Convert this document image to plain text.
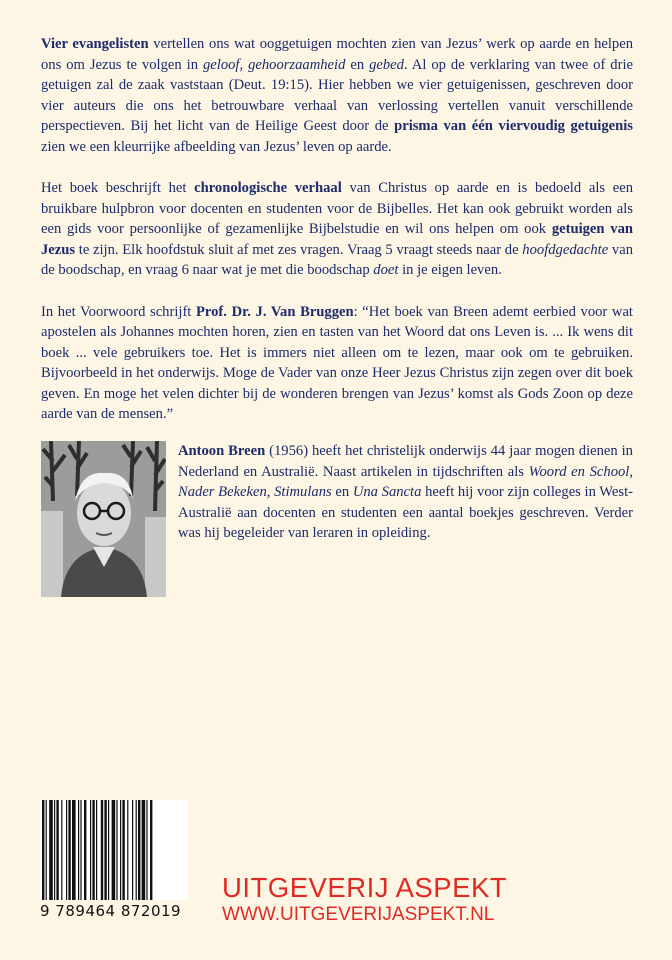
Vier evangelisten vertellen ons wat ooggetuigen mochten zien van Jezus’ werk op aarde en helpen ons om Jezus te volgen in geloof, gehoorzaamheid en gebed. Al op de verklaring van twee of drie getuigen zal de zaak vaststaan (Deut. 19:15). Hier hebben we vier getuigenissen, geschreven door vier auteurs die ons het betrouwbare verhaal van verlossing vertellen vanuit verschillende perspectieven. Bij het licht van de Heilige Geest door de prisma van één viervoudig getuigenis zien we een kleurrijke afbeelding van Jezus’ leven op aarde.

Het boek beschrijft het chronologische verhaal van Christus op aarde en is bedoeld als een bruikbare hulpbron voor docenten en studenten voor de Bijbelles. Het kan ook gebruikt worden als een gids voor persoonlijke of gezamenlijke Bijbelstudie en wil ons helpen om ook getuigen van Jezus te zijn. Elk hoofdstuk sluit af met zes vragen. Vraag 5 vraagt steeds naar de hoofdgedachte van de boodschap, en vraag 6 naar wat je met die boodschap doet in je eigen leven.

In het Voorwoord schrijft Prof. Dr. J. Van Bruggen: “Het boek van Breen ademt eerbied voor wat apostelen als Johannes mochten horen, zien en tasten van het Woord dat ons Leven is. ... Ik wens dit boek ... vele gebruikers toe. Het is immers niet alleen om te lezen, maar ook om te gebruiken. Bijvoorbeeld in het onderwijs. Moge de Vader van onze Heer Jezus Christus zijn zegen over dit boek geven. En moge het velen dichter bij de wonderen brengen van Jezus’ komst als Gods Zoon op deze aarde van de mensen.”

Antoon Breen (1956) heeft het christelijk onderwijs 44 jaar mogen dienen in Nederland en Australië. Naast artikelen in tijdschriften als Woord en School, Nader Bekeken, Stimulans en Una Sancta heeft hij voor zijn colleges in West-Australië aan docenten en studenten een aantal boekjes geschreven. Verder was hij begeleider van leraren in opleiding.

9 789464 872019
UITGEVERIJ ASPEKT
WWW.UITGEVERIJASPEKT.NL
